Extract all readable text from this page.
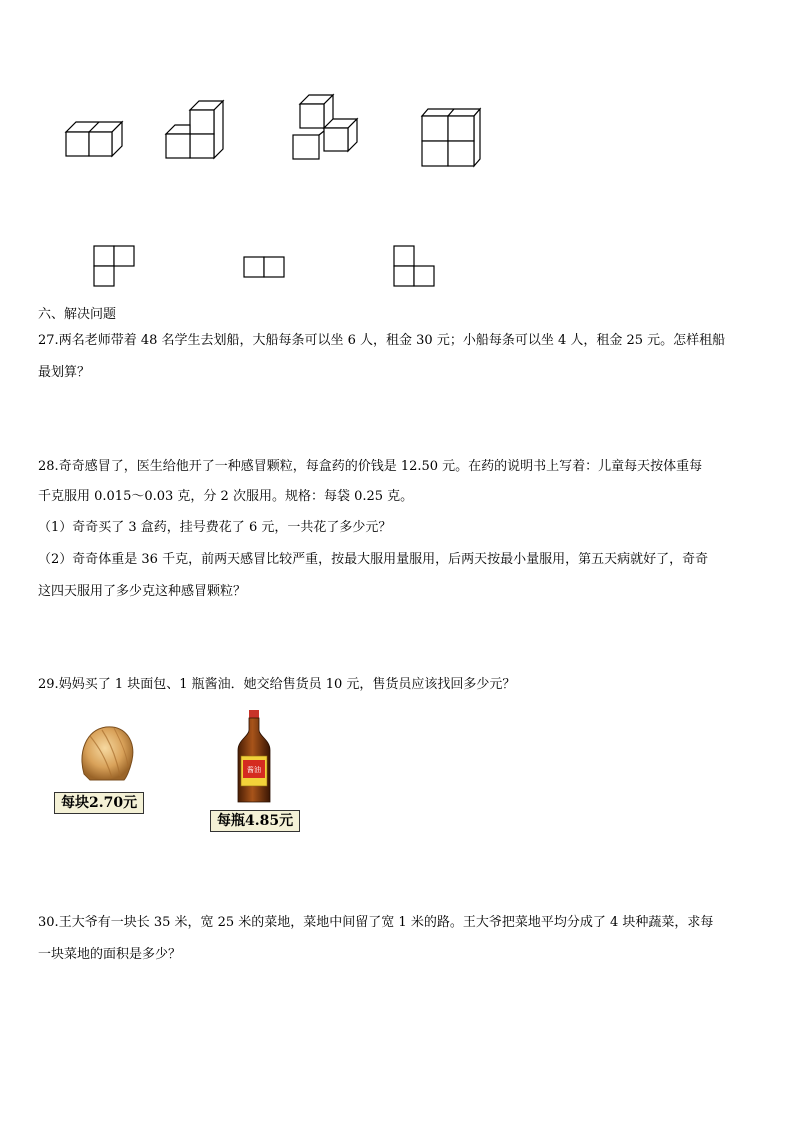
六、解决问题
27.两名老师带着 48 名学生去划船，大船每条可以坐 6 人，租金 30 元；小船每条可以坐 4 人，租金 25 元。怎样租船
最划算？
28.奇奇感冒了，医生给他开了一种感冒颗粒，每盒药的价钱是 12.50 元。在药的说明书上写着：儿童每天按体重每
千克服用 0.015～0.03 克，分 2 次服用。规格：每袋 0.25 克。
（1）奇奇买了 3 盒药，挂号费花了 6 元，一共花了多少元？
（2）奇奇体重是 36 千克，前两天感冒比较严重，按最大服用量服用，后两天按最小量服用，第五天病就好了，奇奇
这四天服用了多少克这种感冒颗粒？
29.妈妈买了 1 块面包、1 瓶酱油．她交给售货员 10 元，售货员应该找回多少元？
每块2.70元
酱油
每瓶4.85元
30.王大爷有一块长 35 米，宽 25 米的菜地，菜地中间留了宽 1 米的路。王大爷把菜地平均分成了 4 块种蔬菜，求每
一块菜地的面积是多少？
